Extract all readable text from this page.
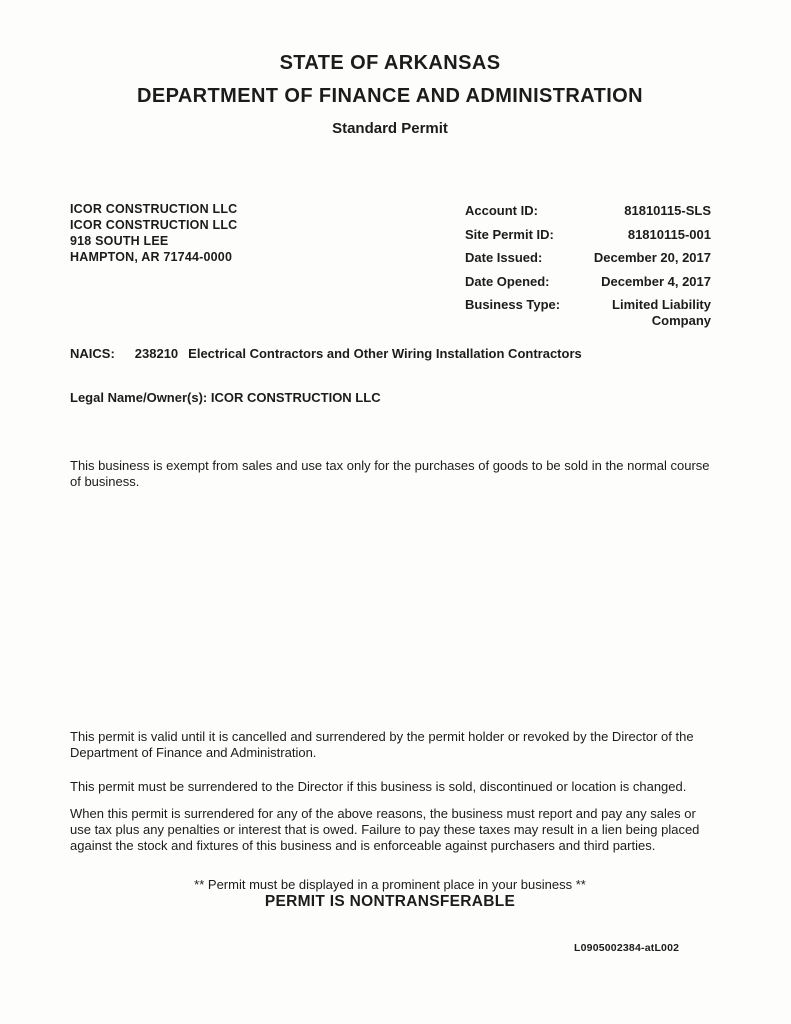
STATE OF ARKANSAS
DEPARTMENT OF FINANCE AND ADMINISTRATION
Standard Permit
ICOR CONSTRUCTION LLC
ICOR CONSTRUCTION LLC
918 SOUTH LEE
HAMPTON, AR 71744-0000
Account ID:	81810115-SLS
Site Permit ID:	81810115-001
Date Issued:	December 20, 2017
Date Opened:	December 4, 2017
Business Type:	Limited Liability Company
NAICS: 238210 Electrical Contractors and Other Wiring Installation Contractors
Legal Name/Owner(s): ICOR CONSTRUCTION LLC
This business is exempt from sales and use tax only for the purchases of goods to be sold in the normal course of business.
This permit is valid until it is cancelled and surrendered by the permit holder or revoked by the Director of the Department of Finance and Administration.
This permit must be surrendered to the Director if this business is sold, discontinued or location is changed.
When this permit is surrendered for any of the above reasons, the business must report and pay any sales or use tax plus any penalties or interest that is owed. Failure to pay these taxes may result in a lien being placed against the stock and fixtures of this business and is enforceable against purchasers and third parties.
** Permit must be displayed in a prominent place in your business **
PERMIT IS NONTRANSFERABLE
L0905002384-atL002
